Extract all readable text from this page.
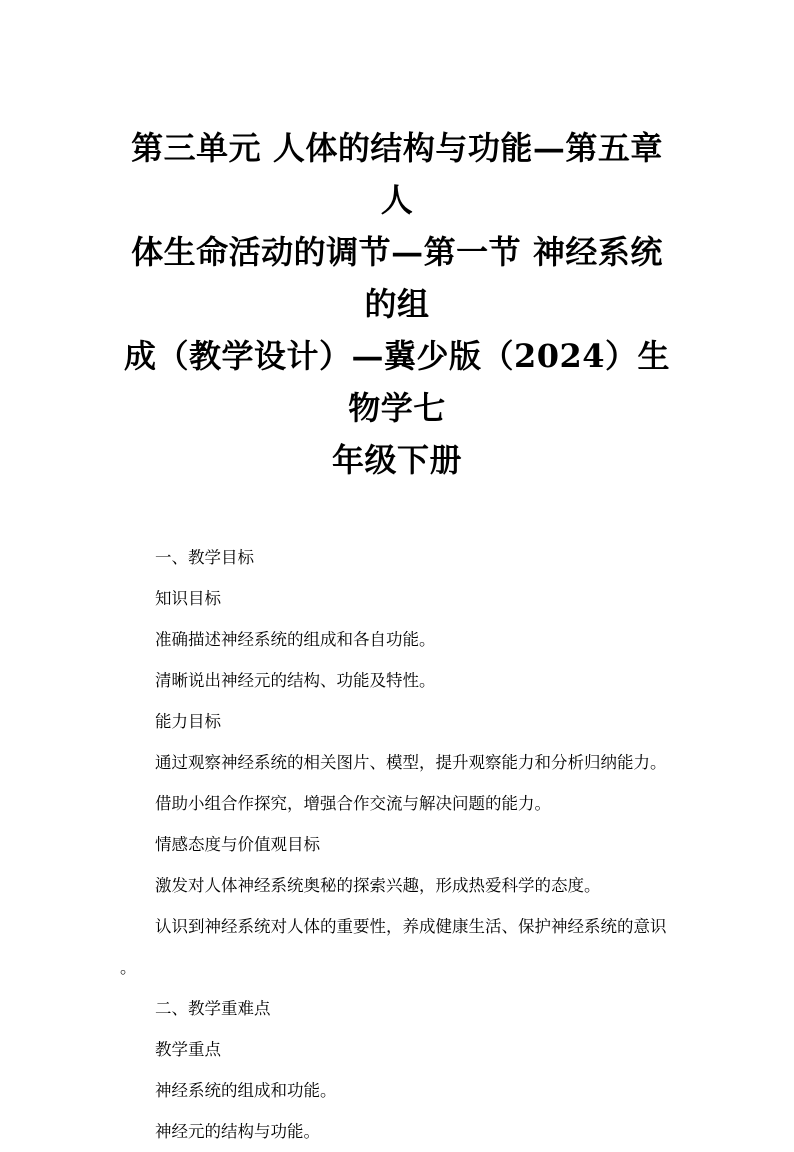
第三单元 人体的结构与功能—第五章 人
体生命活动的调节—第一节 神经系统的组
成（教学设计）—冀少版（2024）生物学七
年级下册

一、教学目标

知识目标

准确描述神经系统的组成和各自功能。

清晰说出神经元的结构、功能及特性。

能力目标

通过观察神经系统的相关图片、模型，提升观察能力和分析归纳能力。

借助小组合作探究，增强合作交流与解决问题的能力。

情感态度与价值观目标

激发对人体神经系统奥秘的探索兴趣，形成热爱科学的态度。

认识到神经系统对人体的重要性，养成健康生活、保护神经系统的意识 。

二、教学重难点

教学重点

神经系统的组成和功能。

神经元的结构与功能。
